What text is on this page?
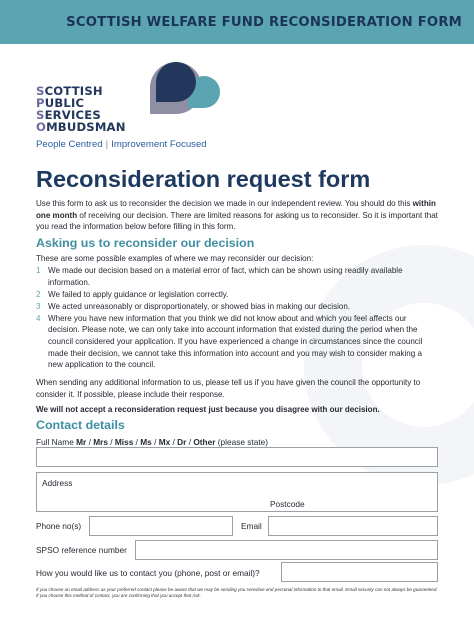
SCOTTISH WELFARE FUND RECONSIDERATION FORM
SCOTTISH
PUBLIC
SERVICES
OMBUDSMAN
People Centred | Improvement Focused
Reconsideration request form

Use this form to ask us to reconsider the decision we made in our independent review. You should do this within one month of receiving our decision. There are limited reasons for asking us to reconsider. So it is important that you read the information below before filling in this form.

Asking us to reconsider our decision

These are some possible examples of where we may reconsider our decision:

1 We made our decision based on a material error of fact, which can be shown using readily available information.
2 We failed to apply guidance or legislation correctly.
3 We acted unreasonably or disproportionately, or showed bias in making our decision.
4 Where you have new information that you think we did not know about and which you feel affects our decision. Please note, we can only take into account information that existed during the period when the council considered your application. If you have experienced a change in circumstances since the council made their decision, we cannot take this information into account and you may wish to consider making a new application to the council.

When sending any additional information to us, please tell us if you have given the council the opportunity to consider it. If possible, please include their response.

We will not accept a reconsideration request just because you disagree with our decision.

Contact details
Full Name Mr / Mrs / Miss / Ms / Mx / Dr / Other (please state)
Address
Postcode
Phone no(s)	Email
SPSO reference number
How you would like us to contact you (phone, post or email)?

If you choose an email address as your preferred contact please be aware that we may be sending you sensitive and personal information to that email. Email security can not always be guaranteed. If you choose this method of contact, you are confirming that you accept that risk.
